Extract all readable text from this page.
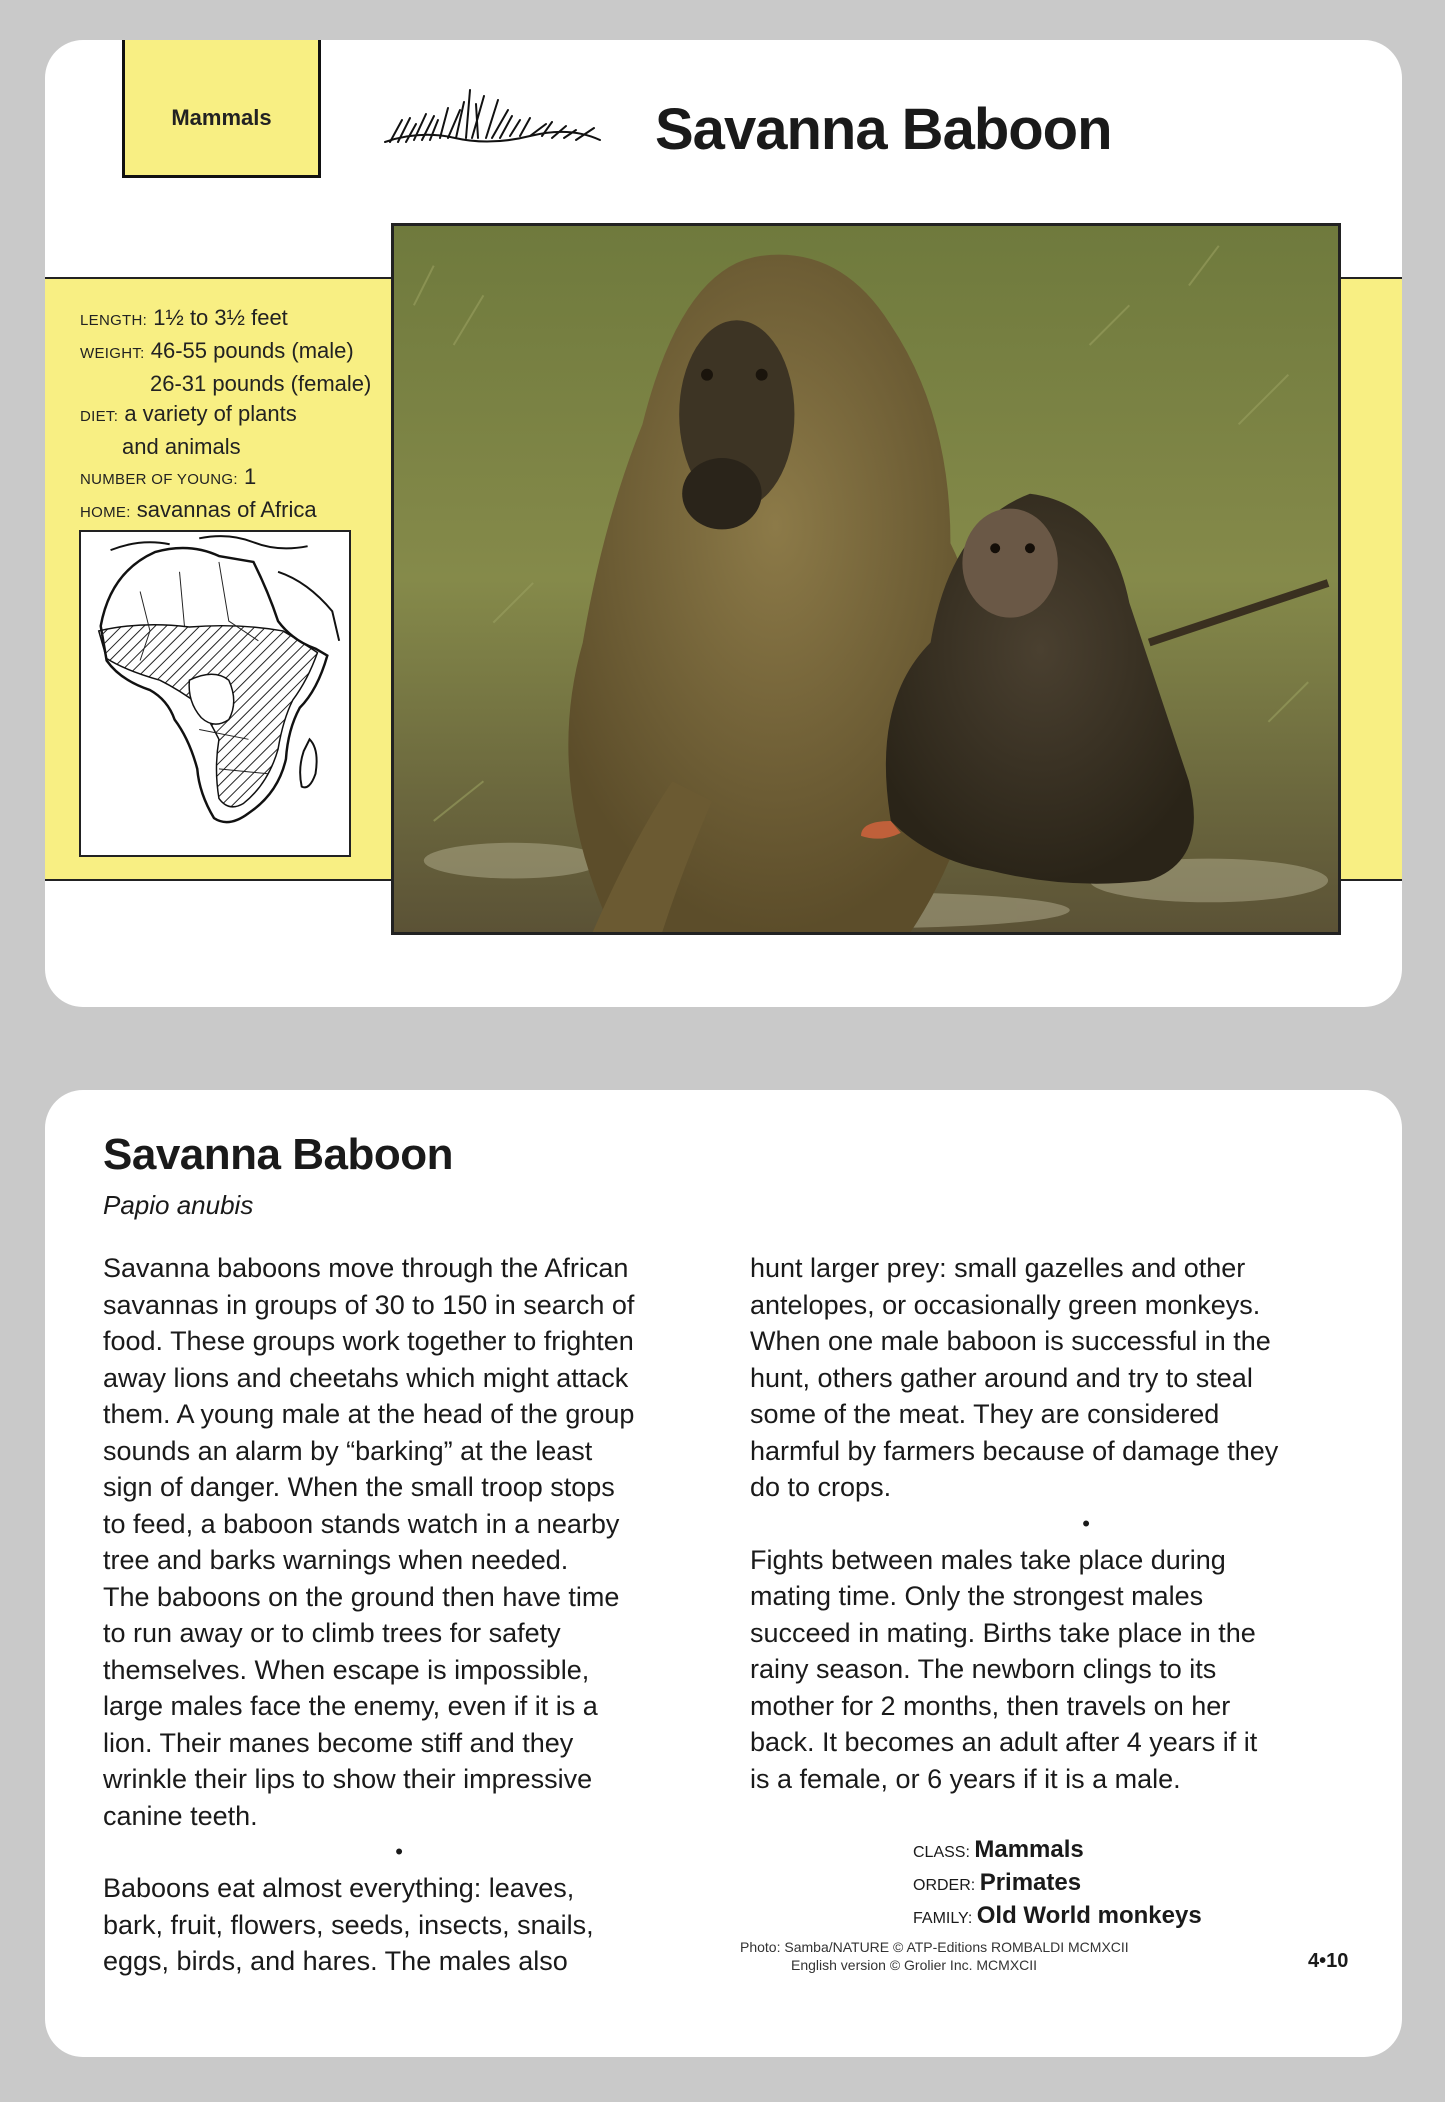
Mammals	Savanna Baboon
LENGTH: 1½ to 3½ feet
WEIGHT: 46-55 pounds (male)
26-31 pounds (female)
DIET: a variety of plants
and animals
NUMBER OF YOUNG: 1
HOME: savannas of Africa
Savanna Baboon
Papio anubis

Savanna baboons move through the African

savannas in groups of 30 to 150 in search of

food. These groups work together to frighten

away lions and cheetahs which might attack

them. A young male at the head of the group

sounds an alarm by “barking” at the least

sign of danger. When the small troop stops

to feed, a baboon stands watch in a nearby

tree and barks warnings when needed.

The baboons on the ground then have time

to run away or to climb trees for safety

themselves. When escape is impossible,

large males face the enemy, even if it is a

lion. Their manes become stiff and they

wrinkle their lips to show their impressive

canine teeth.

•

Baboons eat almost everything: leaves,

bark, fruit, flowers, seeds, insects, snails,

eggs, birds, and hares. The males also

hunt larger prey: small gazelles and other

antelopes, or occasionally green monkeys.

When one male baboon is successful in the

hunt, others gather around and try to steal

some of the meat. They are considered

harmful by farmers because of damage they

do to crops.

•

Fights between males take place during

mating time. Only the strongest males

succeed in mating. Births take place in the

rainy season. The newborn clings to its

mother for 2 months, then travels on her

back. It becomes an adult after 4 years if it

is a female, or 6 years if it is a male.

CLASS: Mammals
ORDER: Primates
FAMILY: Old World monkeys
Photo: Samba/NATURE © ATP-Editions ROMBALDI MCMXCII
English version © Grolier Inc. MCMXCII	4•10
